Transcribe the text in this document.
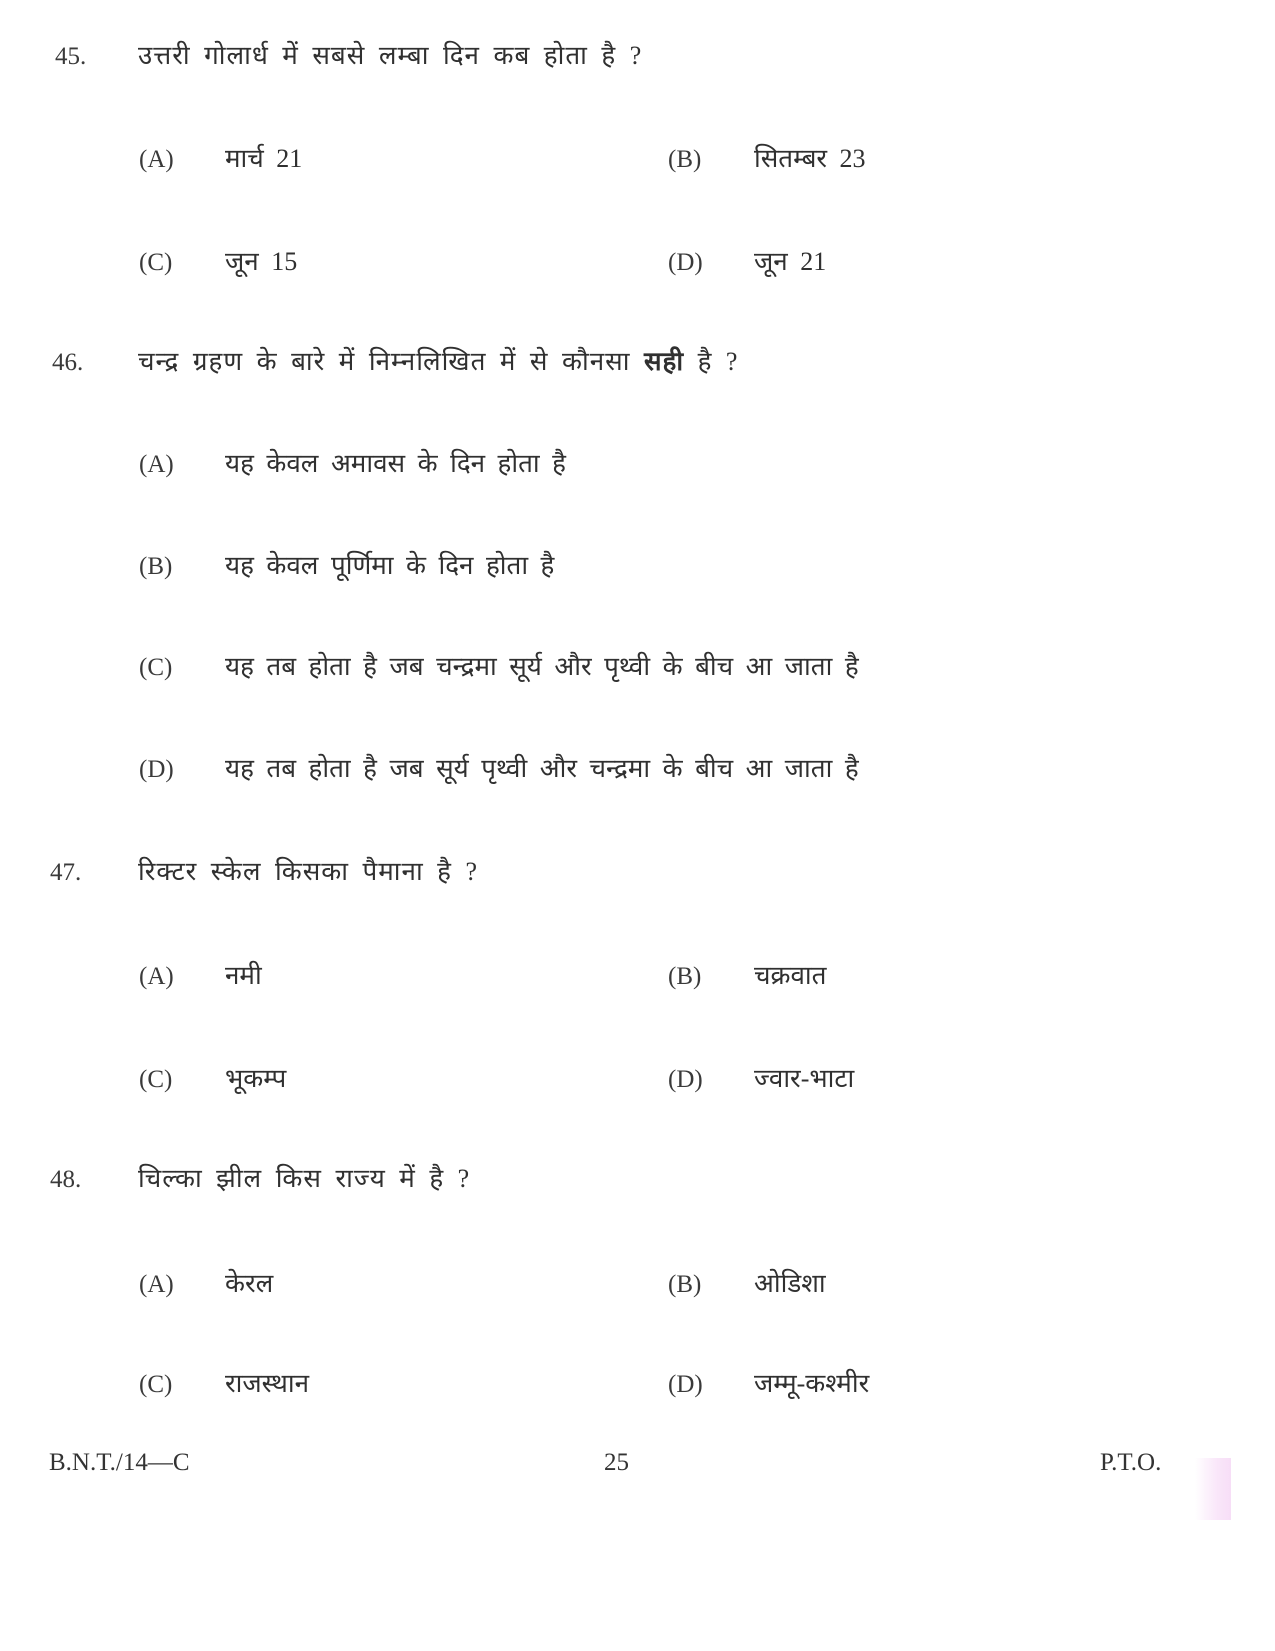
45. उत्तरी गोलार्ध में सबसे लम्बा दिन कब होता है ?
(A) मार्च 21	(B) सितम्बर 23
(C) जून 15	(D) जून 21
46. चन्द्र ग्रहण के बारे में निम्नलिखित में से कौनसा सही है ?
(A) यह केवल अमावस के दिन होता है
(B) यह केवल पूर्णिमा के दिन होता है
(C) यह तब होता है जब चन्द्रमा सूर्य और पृथ्वी के बीच आ जाता है
(D) यह तब होता है जब सूर्य पृथ्वी और चन्द्रमा के बीच आ जाता है
47. रिक्टर स्केल किसका पैमाना है ?
(A) नमी	(B) चक्रवात
(C) भूकम्प	(D) ज्वार-भाटा
48. चिल्का झील किस राज्य में है ?
(A) केरल	(B) ओडिशा
(C) राजस्थान	(D) जम्मू-कश्मीर
B.N.T./14—C	25	P.T.O.
